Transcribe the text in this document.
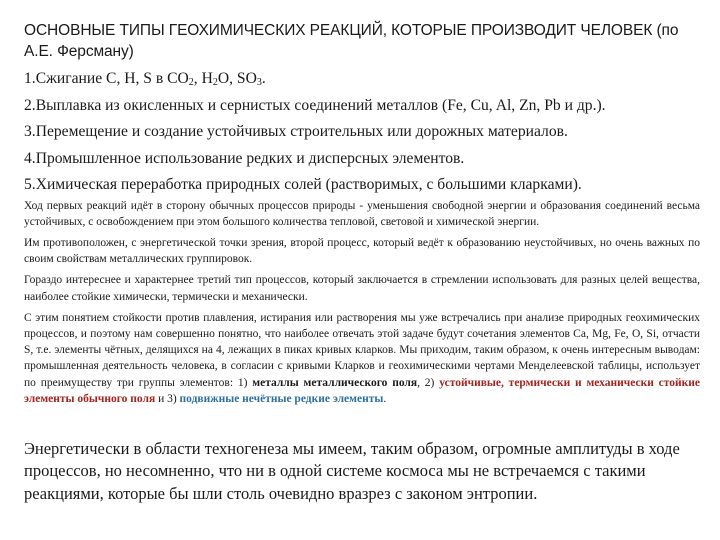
ОСНОВНЫЕ ТИПЫ ГЕОХИМИЧЕСКИХ РЕАКЦИЙ, КОТОРЫЕ ПРОИЗВОДИТ ЧЕЛОВЕК (по А.Е. Ферсману)
1.Сжигание C, H, S в $CO_2$, $H_2O$, $SO_3$.
2.Выплавка из окисленных и сернистых соединений металлов (Fe, Cu, Al, Zn, Pb и др.).
3.Перемещение и создание устойчивых строительных или дорожных материалов.
4.Промышленное использование редких и дисперсных элементов.
5.Химическая переработка природных солей (растворимых, с большими кларками).

Ход первых реакций идёт в сторону обычных процессов природы - уменьшения свободной энергии и образования соединений весьма устойчивых, с освобождением при этом большого количества тепловой, световой и химической энергии.

Им противоположен, с энергетической точки зрения, второй процесс, который ведёт к образованию неустойчивых, но очень важных по своим свойствам металлических группировок.

Гораздо интереснее и характернее третий тип процессов, который заключается в стремлении использовать для разных целей вещества, наиболее стойкие химически, термически и механически.

С этим понятием стойкости против плавления, истирания или растворения мы уже встречались при анализе природных геохимических процессов, и поэтому нам совершенно понятно, что наиболее отвечать этой задаче будут сочетания элементов Ca, Mg, Fe, O, Si, отчасти S, т.е. элементы чётных, делящихся на 4, лежащих в пиках кривых кларков. Мы приходим, таким образом, к очень интересным выводам: промышленная деятельность человека, в согласии с кривыми Кларков и геохимическими чертами Менделеевской таблицы, использует по преимуществу три группы элементов: 1) металлы металлического поля, 2) устойчивые, термически и механически стойкие элементы обычного поля и 3) подвижные нечётные редкие элементы.

Энергетически в области техногенеза мы имеем, таким образом, огромные амплитуды в ходе процессов, но несомненно, что ни в одной системе космоса мы не встречаемся с такими реакциями, которые бы шли столь очевидно вразрез с законом энтропии.
